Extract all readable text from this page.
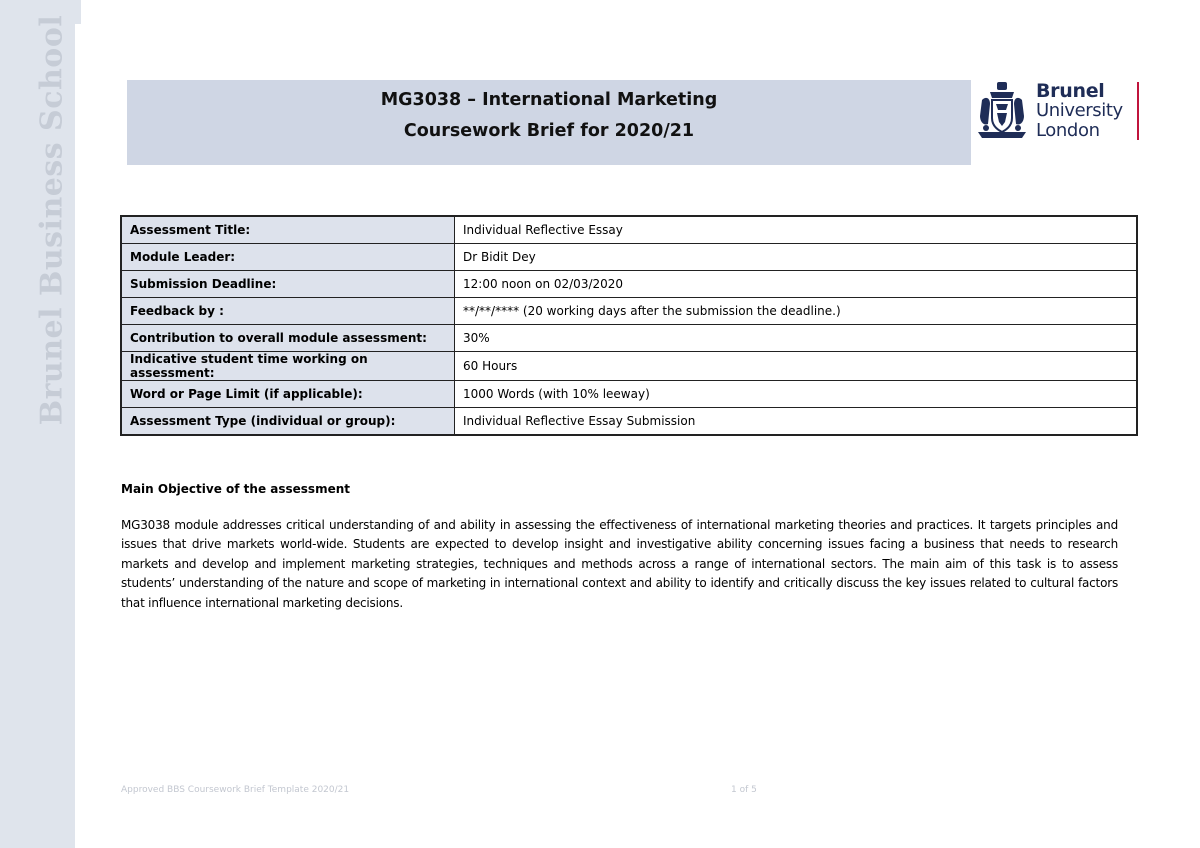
Brunel Business School	MG3038 – International Marketing
Coursework Brief for 2020/21
Brunel
University
London
Assessment Title:	Individual Reflective Essay
Module Leader:	Dr Bidit Dey
Submission Deadline:	12:00 noon on 02/03/2020
Feedback by :	**/**/**** (20 working days after the submission the deadline.)
Contribution to overall module assessment:	30%
Indicative student time working on assessment:	60 Hours
Word or Page Limit (if applicable):	1000 Words (with 10% leeway)
Assessment Type (individual or group):	Individual Reflective Essay Submission
Main Objective of the assessment
MG3038 module addresses critical understanding of and ability in assessing the effectiveness of international marketing theories and practices. It targets principles and issues that drive markets world-wide. Students are expected to develop insight and investigative ability concerning issues facing a business that needs to research markets and develop and implement marketing strategies, techniques and methods across a range of international sectors. The main aim of this task is to assess students’ understanding of the nature and scope of marketing in international context and ability to identify and critically discuss the key issues related to cultural factors that influence international marketing decisions.
Approved BBS Coursework Brief Template 2020/21	1 of 5
